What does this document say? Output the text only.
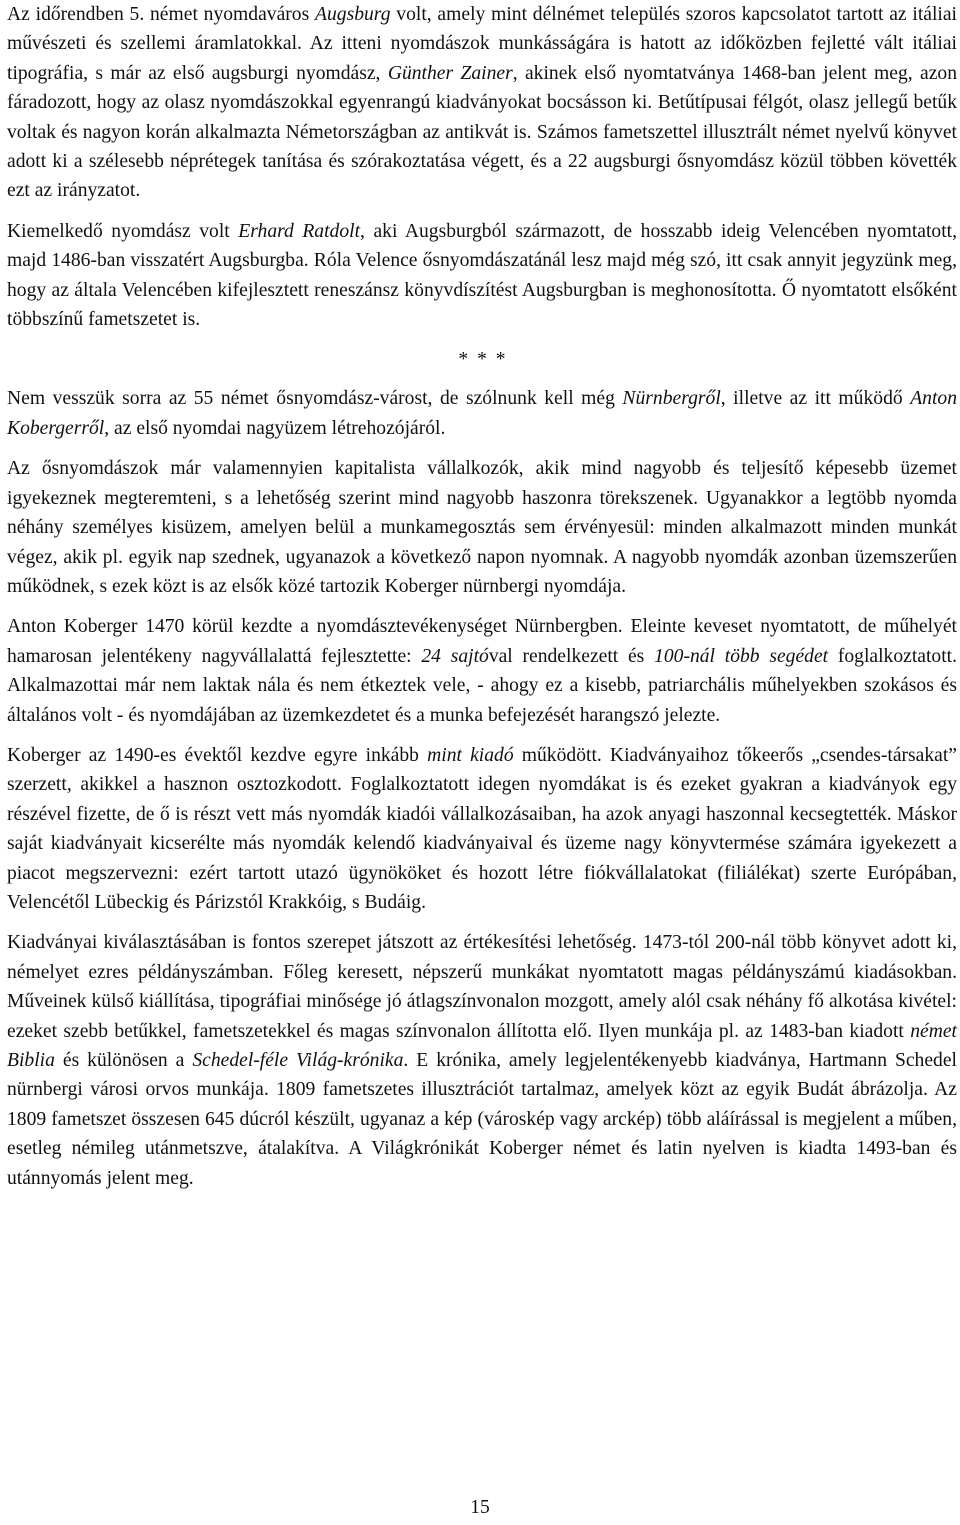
Az időrendben 5. német nyomdaváros Augsburg volt, amely mint délnémet település szoros kapcsolatot tartott az itáliai művészeti és szellemi áramlatokkal. Az itteni nyomdászok munkásságára is hatott az időközben fejletté vált itáliai tipográfia, s már az első augsburgi nyomdász, Günther Zainer, akinek első nyomtatványa 1468-ban jelent meg, azon fáradozott, hogy az olasz nyomdászokkal egyenrangú kiadványokat bocsásson ki. Betűtípusai félgót, olasz jellegű betűk voltak és nagyon korán alkalmazta Németországban az antikvát is. Számos fametszettel illusztrált német nyelvű könyvet adott ki a szélesebb néprétegek tanítása és szórakoztatása végett, és a 22 augsburgi ősnyomdász közül többen követték ezt az irányzatot.

Kiemelkedő nyomdász volt Erhard Ratdolt, aki Augsburgból származott, de hosszabb ideig Velencében nyomtatott, majd 1486-ban visszatért Augsburgba. Róla Velence ősnyomdászatánál lesz majd még szó, itt csak annyit jegyzünk meg, hogy az általa Velencében kifejlesztett reneszánsz könyvdíszítést Augsburgban is meghonosította. Ő nyomtatott elsőként többszínű fametszetet is.

* * *

Nem vesszük sorra az 55 német ősnyomdász-várost, de szólnunk kell még Nürnbergről, illetve az itt működő Anton Kobergerről, az első nyomdai nagyüzem létrehozójáról.

Az ősnyomdászok már valamennyien kapitalista vállalkozók, akik mind nagyobb és teljesítő képesebb üzemet igyekeznek megteremteni, s a lehetőség szerint mind nagyobb haszonra törekszenek. Ugyanakkor a legtöbb nyomda néhány személyes kisüzem, amelyen belül a munkamegosztás sem érvényesül: minden alkalmazott minden munkát végez, akik pl. egyik nap szednek, ugyanazok a következő napon nyomnak. A nagyobb nyomdák azonban üzemszerűen működnek, s ezek közt is az elsők közé tartozik Koberger nürnbergi nyomdája.

Anton Koberger 1470 körül kezdte a nyomdásztevékenységet Nürnbergben. Eleinte keveset nyomtatott, de műhelyét hamarosan jelentékeny nagyvállalattá fejlesztette: 24 sajtóval rendelkezett és 100-nál több segédet foglalkoztatott. Alkalmazottai már nem laktak nála és nem étkeztek vele, - ahogy ez a kisebb, patriarchális műhelyekben szokásos és általános volt - és nyomdájában az üzemkezdetet és a munka befejezését harangszó jelezte.

Koberger az 1490-es évektől kezdve egyre inkább mint kiadó működött. Kiadványaihoz tőkeerős „csendes-társakat” szerzett, akikkel a hasznon osztozkodott. Foglalkoztatott idegen nyomdákat is és ezeket gyakran a kiadványok egy részével fizette, de ő is részt vett más nyomdák kiadói vállalkozásaiban, ha azok anyagi haszonnal kecsegtették. Máskor saját kiadványait kicserélte más nyomdák kelendő kiadványaival és üzeme nagy könyvtermése számára igyekezett a piacot megszervezni: ezért tartott utazó ügynököket és hozott létre fiókvállalatokat (filiálékat) szerte Európában, Velencétől Lübeckig és Párizstól Krakkóig, s Budáig.

Kiadványai kiválasztásában is fontos szerepet játszott az értékesítési lehetőség. 1473-tól 200-nál több könyvet adott ki, némelyet ezres példányszámban. Főleg keresett, népszerű munkákat nyomtatott magas példányszámú kiadásokban. Műveinek külső kiállítása, tipográfiai minősége jó átlagszínvonalon mozgott, amely alól csak néhány fő alkotása kivétel: ezeket szebb betűkkel, fametszetekkel és magas színvonalon állította elő. Ilyen munkája pl. az 1483-ban kiadott német Biblia és különösen a Schedel-féle Világ-krónika. E krónika, amely legjelentékenyebb kiadványa, Hartmann Schedel nürnbergi városi orvos munkája. 1809 fametszetes illusztrációt tartalmaz, amelyek közt az egyik Budát ábrázolja. Az 1809 fametszet összesen 645 dúcról készült, ugyanaz a kép (városkép vagy arckép) több aláírással is megjelent a műben, esetleg némileg utánmetszve, átalakítva. A Világkrónikát Koberger német és latin nyelven is kiadta 1493-ban és utánnyomás jelent meg.

15
